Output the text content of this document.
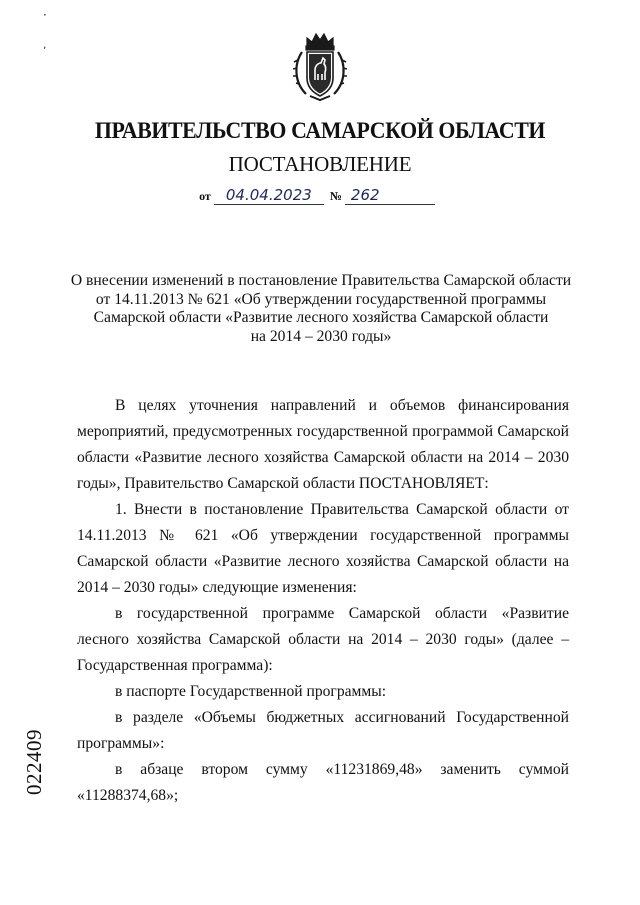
·
‚
ПРАВИТЕЛЬСТВО САМАРСКОЙ ОБЛАСТИ
ПОСТАНОВЛЕНИЕ
от 04.04.2023 № 262
О внесении изменений в постановление Правительства Самарской области
от 14.11.2013 № 621 «Об утверждении государственной программы
Самарской области «Развитие лесного хозяйства Самарской области
на 2014 – 2030 годы»

В целях уточнения направлений и объемов финансирования мероприятий, предусмотренных государственной программой Самарской области «Развитие лесного хозяйства Самарской области на 2014 – 2030 годы», Правительство Самарской области ПОСТАНОВЛЯЕТ:

1. Внести в постановление Правительства Самарской области от 14.11.2013 № 621 «Об утверждении государственной программы Самарской области «Развитие лесного хозяйства Самарской области на 2014 – 2030 годы» следующие изменения:

в государственной программе Самарской области «Развитие лесного хозяйства Самарской области на 2014 – 2030 годы» (далее – Государственная программа):

в паспорте Государственной программы:

в разделе «Объемы бюджетных ассигнований Государственной программы»:

в абзаце втором сумму «11231869,48» заменить суммой «11288374,68»;

022409
